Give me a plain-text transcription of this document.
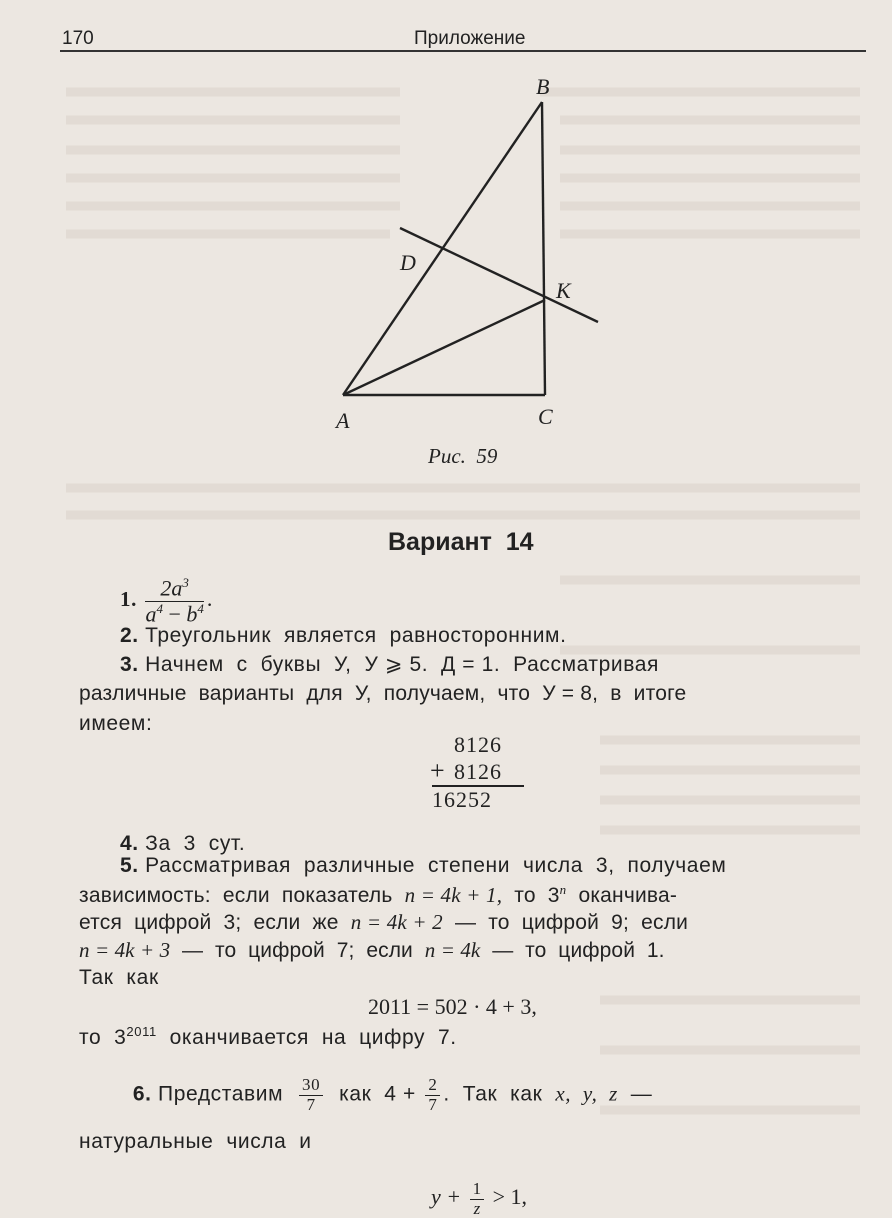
170	Приложение
B
D
K
A	C
Рис.  59
Вариант  14
1. $\frac{2a^3}{a^4 - b^4}$ .
2. Треугольник  является  равносторонним.
3. Начнем  с  буквы  У,  У ⩾ 5.  Д = 1.  Рассматривая
различные  варианты  для  У,  получаем,  что  У = 8,  в  итоге
имеем:
8126
+ 8126
16252
4. За  3  сут.
5. Рассматривая  различные  степени  числа  3,  получаем
зависимость:  если  показатель  n = 4k + 1,  то  3$^n$  оканчива-
ется  цифрой  3;  если  же  n = 4k + 2  —  то  цифрой  9;  если
n = 4k + 3  —  то  цифрой  7;  если  n = 4k  —  то  цифрой  1.
Так  как
2011 = 502 · 4 + 3,
то  $3^{2011}$  оканчивается  на  цифру  7.

6. Представим $\frac{30}{7}$ как  $4 + \frac{2}{7}$ .  Так  как  x,  y,  z  —

натуральные  числа  и

$y + \frac{1}{z} > 1$,
